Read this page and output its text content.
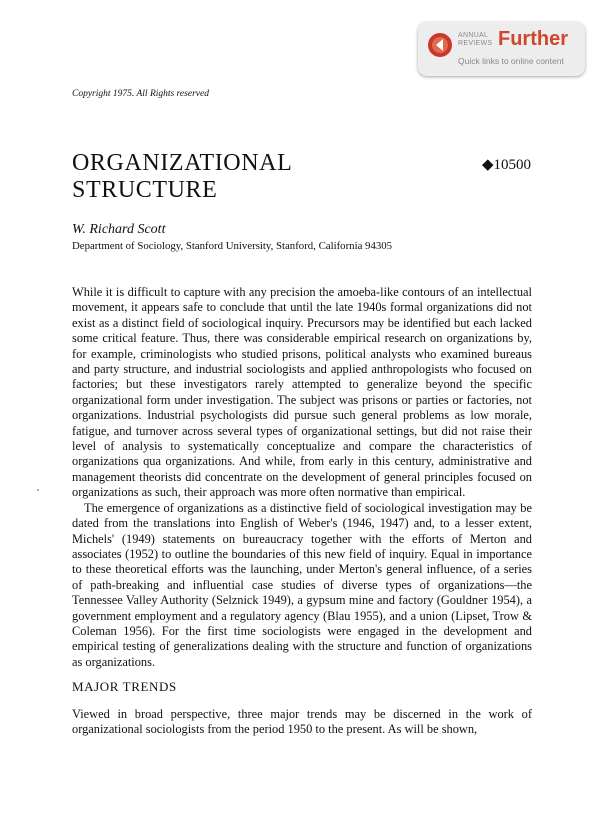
ANNUAL
REVIEWS Further
Quick links to online content
Copyright 1975. All Rights reserved
ORGANIZATIONAL
STRUCTURE
◆10500
W. Richard Scott
Department of Sociology, Stanford University, Stanford, California 94305

While it is difficult to capture with any precision the amoeba-like contours of an intellectual movement, it appears safe to conclude that until the late 1940s formal organizations did not exist as a distinct field of sociological inquiry. Precursors may be identified but each lacked some critical feature. Thus, there was considerable empirical research on organizations by, for example, criminologists who studied prisons, political analysts who examined bureaus and party structure, and industrial sociologists and applied anthropologists who focused on factories; but these investigators rarely attempted to generalize beyond the specific organizational form under investigation. The subject was prisons or parties or factories, not organizations. Industrial psychologists did pursue such general problems as low morale, fatigue, and turnover across several types of organizational settings, but did not raise their level of analysis to systematically conceptualize and compare the characteristics of organizations qua organizations. And while, from early in this century, administrative and management theorists did concentrate on the development of general principles focused on organizations as such, their approach was more often normative than empirical.

The emergence of organizations as a distinctive field of sociological investigation may be dated from the translations into English of Weber's (1946, 1947) and, to a lesser extent, Michels' (1949) statements on bureaucracy together with the efforts of Merton and associates (1952) to outline the boundaries of this new field of inquiry. Equal in importance to these theoretical efforts was the launching, under Merton's general influence, of a series of path-breaking and influential case studies of diverse types of organizations—the Tennessee Valley Authority (Selznick 1949), a gypsum mine and factory (Gouldner 1954), a government employment and a regulatory agency (Blau 1955), and a union (Lipset, Trow & Coleman 1956). For the first time sociologists were engaged in the development and empirical testing of generalizations dealing with the structure and function of organizations as organizations.

MAJOR TRENDS

Viewed in broad perspective, three major trends may be discerned in the work of organizational sociologists from the period 1950 to the present. As will be shown,
